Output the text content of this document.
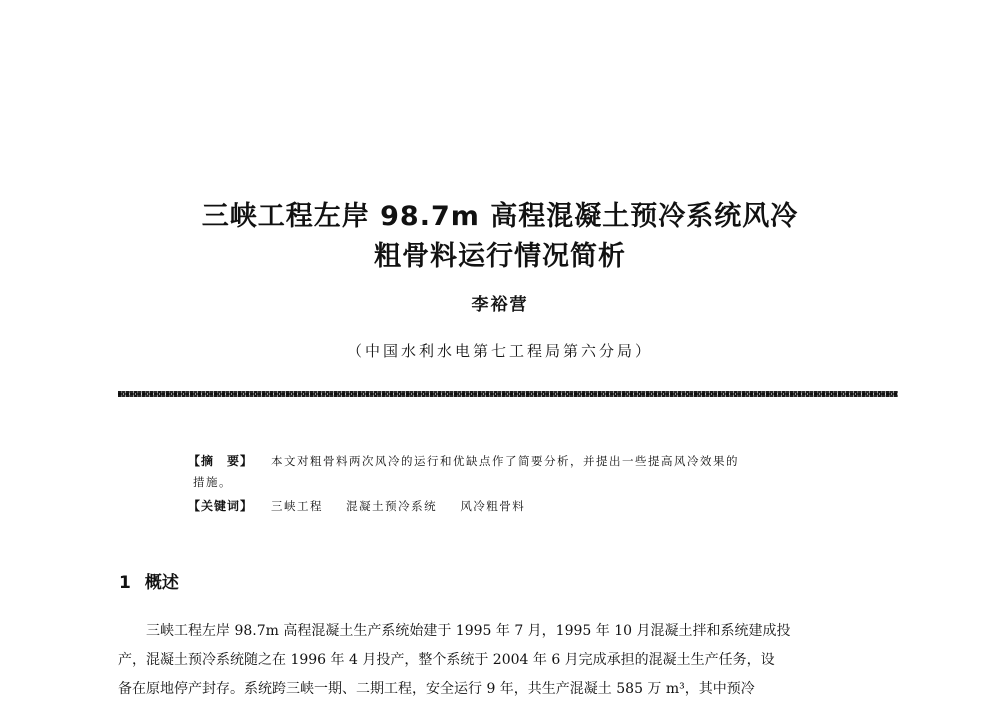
三峡工程左岸 98.7m 高程混凝土预冷系统风冷
粗骨料运行情况简析
李裕营
（中国水利水电第七工程局第六分局）
【摘　要】 本文对粗骨料两次风冷的运行和优缺点作了简要分析，并提出一些提高风冷效果的
措施。
【关键词】 三峡工程 混凝土预冷系统 风冷粗骨料
1 概述
　　三峡工程左岸 98.7m 高程混凝土生产系统始建于 1995 年 7 月，1995 年 10 月混凝土拌和系统建成投
产，混凝土预冷系统随之在 1996 年 4 月投产，整个系统于 2004 年 6 月完成承担的混凝土生产任务，设
备在原地停产封存。系统跨三峡一期、二期工程，安全运行 9 年，共生产混凝土 585 万 m³，其中预冷
